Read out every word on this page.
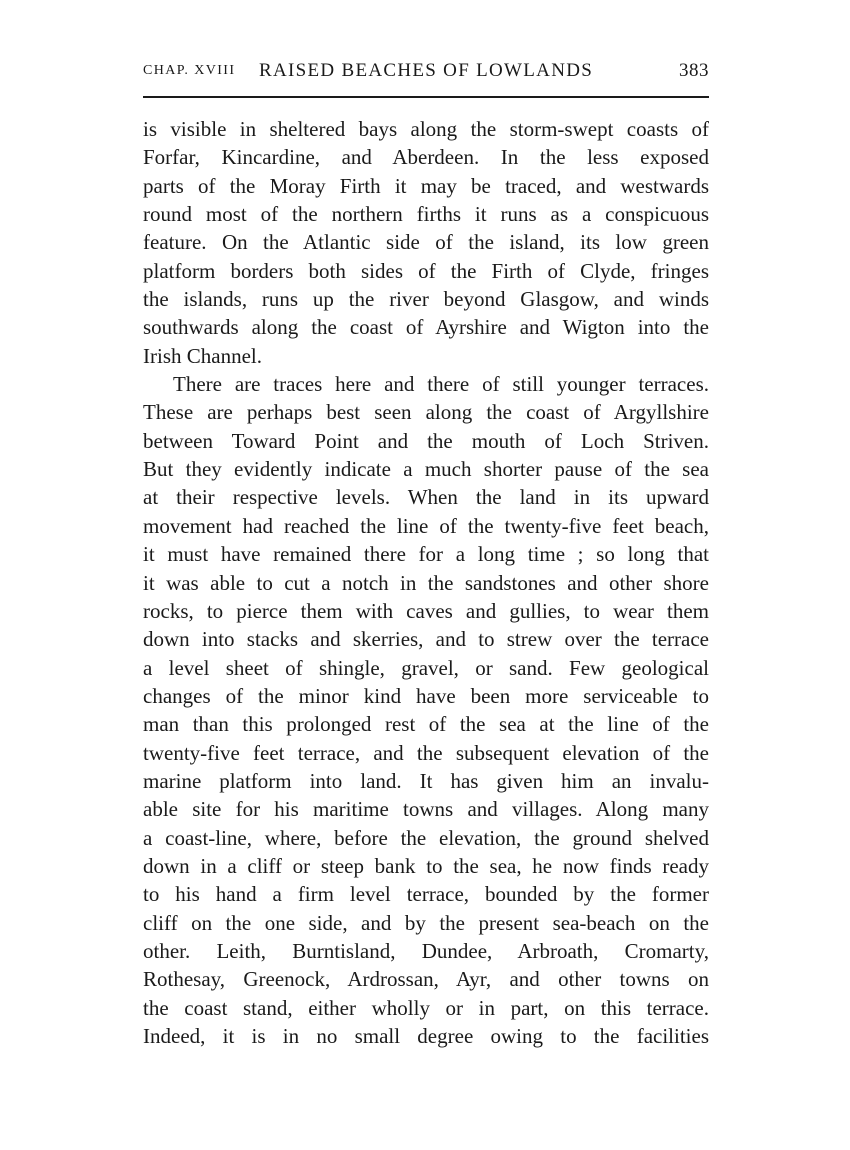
CHAP. XVIII RAISED BEACHES OF LOWLANDS	383
is visible in sheltered bays along the storm-swept coasts of
Forfar, Kincardine, and Aberdeen. In the less exposed
parts of the Moray Firth it may be traced, and westwards
round most of the northern firths it runs as a conspicuous
feature. On the Atlantic side of the island, its low green
platform borders both sides of the Firth of Clyde, fringes
the islands, runs up the river beyond Glasgow, and winds
southwards along the coast of Ayrshire and Wigton into the
Irish Channel.
There are traces here and there of still younger terraces.
These are perhaps best seen along the coast of Argyllshire
between Toward Point and the mouth of Loch Striven.
But they evidently indicate a much shorter pause of the sea
at their respective levels. When the land in its upward
movement had reached the line of the twenty-five feet beach,
it must have remained there for a long time ; so long that
it was able to cut a notch in the sandstones and other shore
rocks, to pierce them with caves and gullies, to wear them
down into stacks and skerries, and to strew over the terrace
a level sheet of shingle, gravel, or sand. Few geological
changes of the minor kind have been more serviceable to
man than this prolonged rest of the sea at the line of the
twenty-five feet terrace, and the subsequent elevation of the
marine platform into land. It has given him an invalu-
able site for his maritime towns and villages. Along many
a coast-line, where, before the elevation, the ground shelved
down in a cliff or steep bank to the sea, he now finds ready
to his hand a firm level terrace, bounded by the former
cliff on the one side, and by the present sea-beach on the
other. Leith, Burntisland, Dundee, Arbroath, Cromarty,
Rothesay, Greenock, Ardrossan, Ayr, and other towns on
the coast stand, either wholly or in part, on this terrace.
Indeed, it is in no small degree owing to the facilities
